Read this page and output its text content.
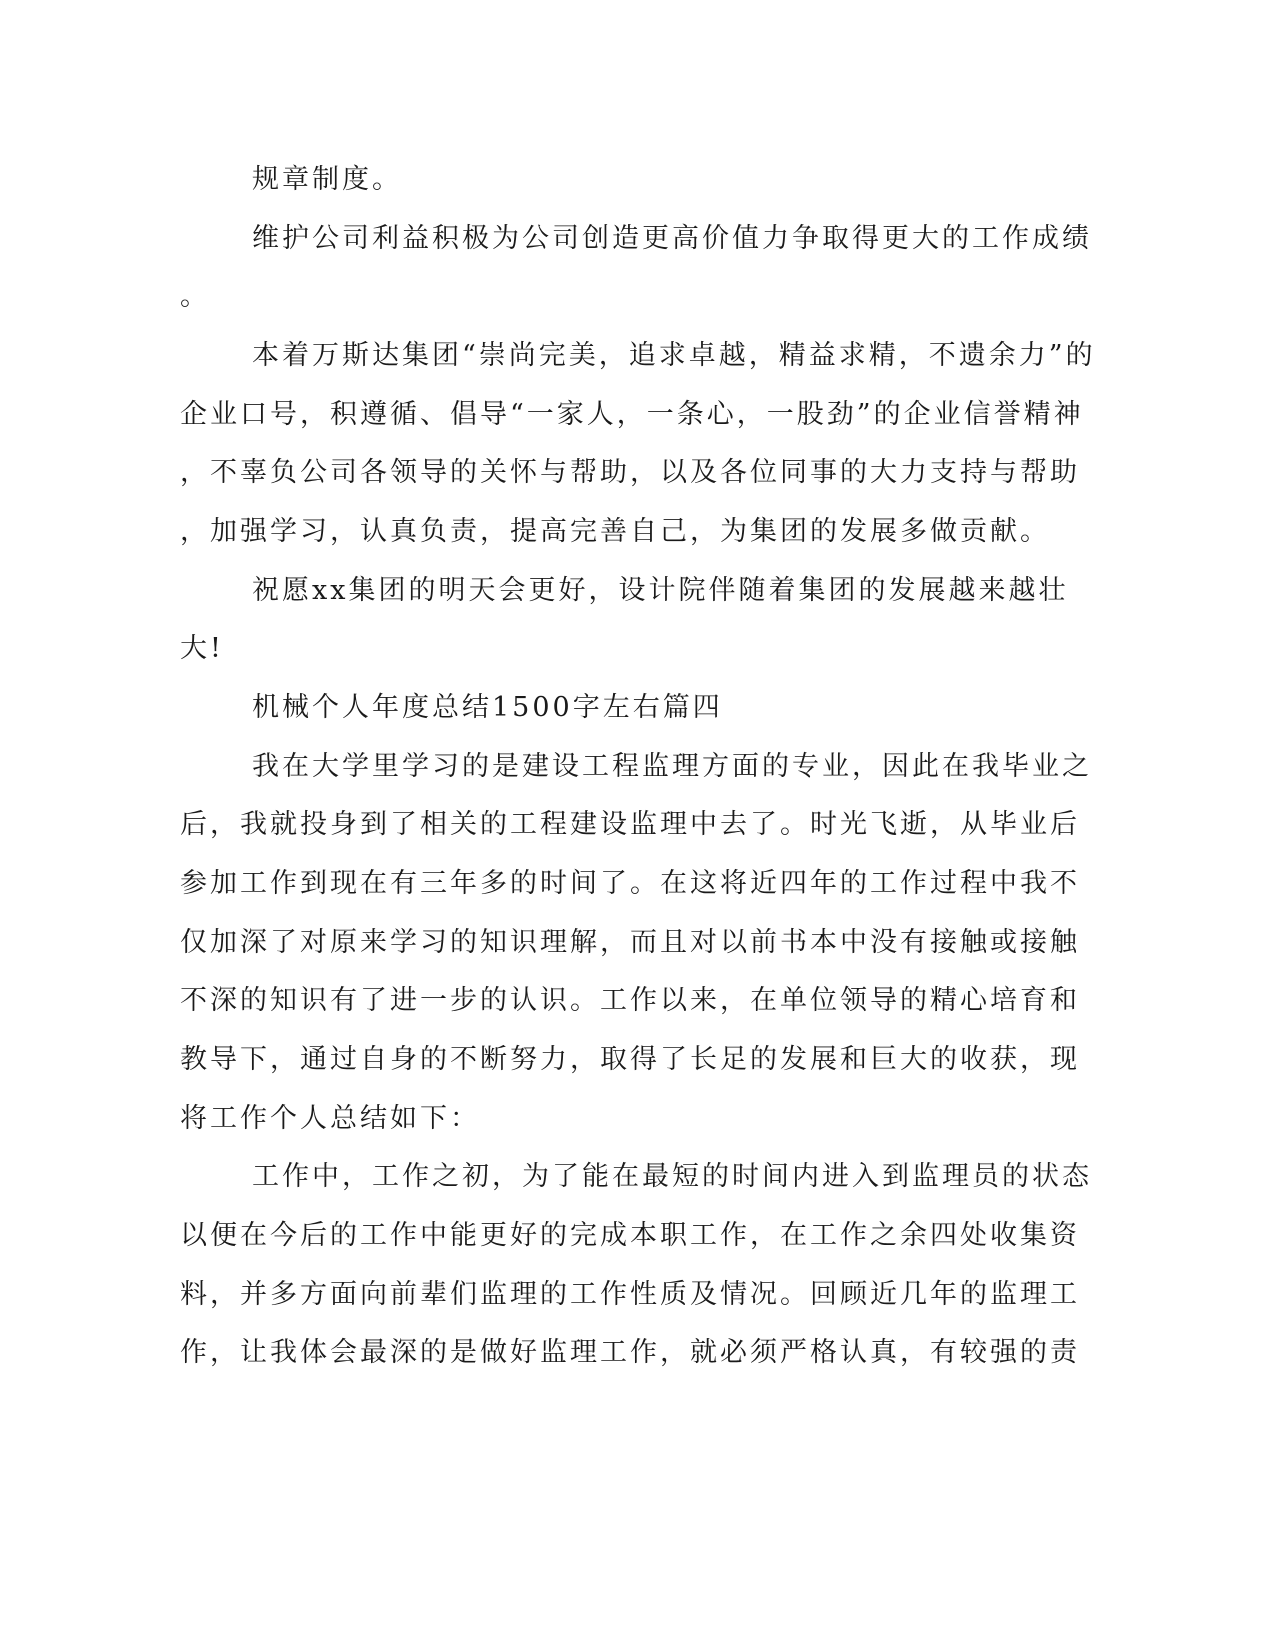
规章制度。
维护公司利益积极为公司创造更高价值力争取得更大的工作成绩
。
本着万斯达集团“崇尚完美，追求卓越，精益求精，不遗余力”的
企业口号，积遵循、倡导“一家人，一条心，一股劲”的企业信誉精神
，不辜负公司各领导的关怀与帮助，以及各位同事的大力支持与帮助
，加强学习，认真负责，提高完善自己，为集团的发展多做贡献。
祝愿xx集团的明天会更好，设计院伴随着集团的发展越来越壮
大!
机械个人年度总结1500字左右篇四
我在大学里学习的是建设工程监理方面的专业，因此在我毕业之
后，我就投身到了相关的工程建设监理中去了。时光飞逝，从毕业后
参加工作到现在有三年多的时间了。在这将近四年的工作过程中我不
仅加深了对原来学习的知识理解，而且对以前书本中没有接触或接触
不深的知识有了进一步的认识。工作以来，在单位领导的精心培育和
教导下，通过自身的不断努力，取得了长足的发展和巨大的收获，现
将工作个人总结如下：
工作中，工作之初，为了能在最短的时间内进入到监理员的状态
以便在今后的工作中能更好的完成本职工作，在工作之余四处收集资
料，并多方面向前辈们监理的工作性质及情况。回顾近几年的监理工
作，让我体会最深的是做好监理工作，就必须严格认真，有较强的责
